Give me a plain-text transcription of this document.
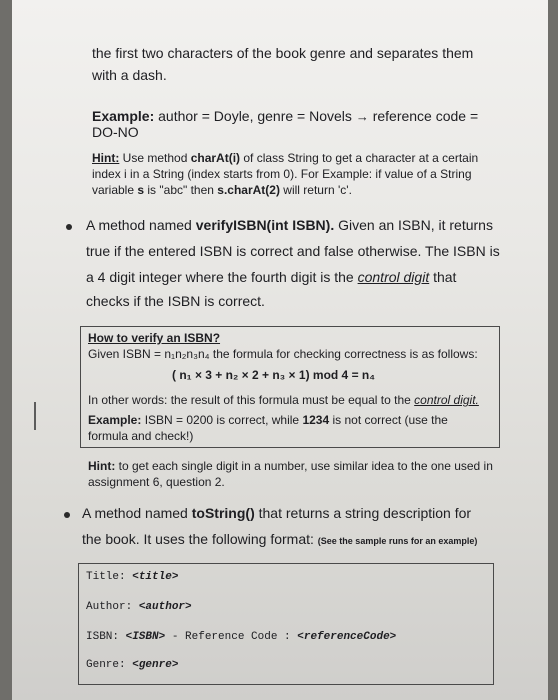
the first two characters of the book genre and separates them
with a dash.
Example: author = Doyle, genre = Novels → reference code =
DO-NO
Hint: Use method charAt(i) of class String to get a character at a certain
index i in a String (index starts from 0). For Example: if value of a String
variable s is "abc" then s.charAt(2) will return 'c'.
A method named verifyISBN(int ISBN). Given an ISBN, it returns
true if the entered ISBN is correct and false otherwise. The ISBN is
a 4 digit integer where the fourth digit is the control digit that
checks if the ISBN is correct.
How to verify an ISBN?
Given ISBN = n₁n₂n₃n₄ the formula for checking correctness is as follows:
( n₁ × 3 + n₂ × 2 + n₃ × 1) mod 4 = n₄
In other words: the result of this formula must be equal to the control digit.
Example: ISBN = 0200 is correct, while 1234 is not correct (use the
formula and check!)
Hint: to get each single digit in a number, use similar idea to the one used in
assignment 6, question 2.
A method named toString() that returns a string description for
the book. It uses the following format: (See the sample runs for an example)
Title: <title>
Author: <author>
ISBN: <ISBN> - Reference Code : <referenceCode>
Genre: <genre>
